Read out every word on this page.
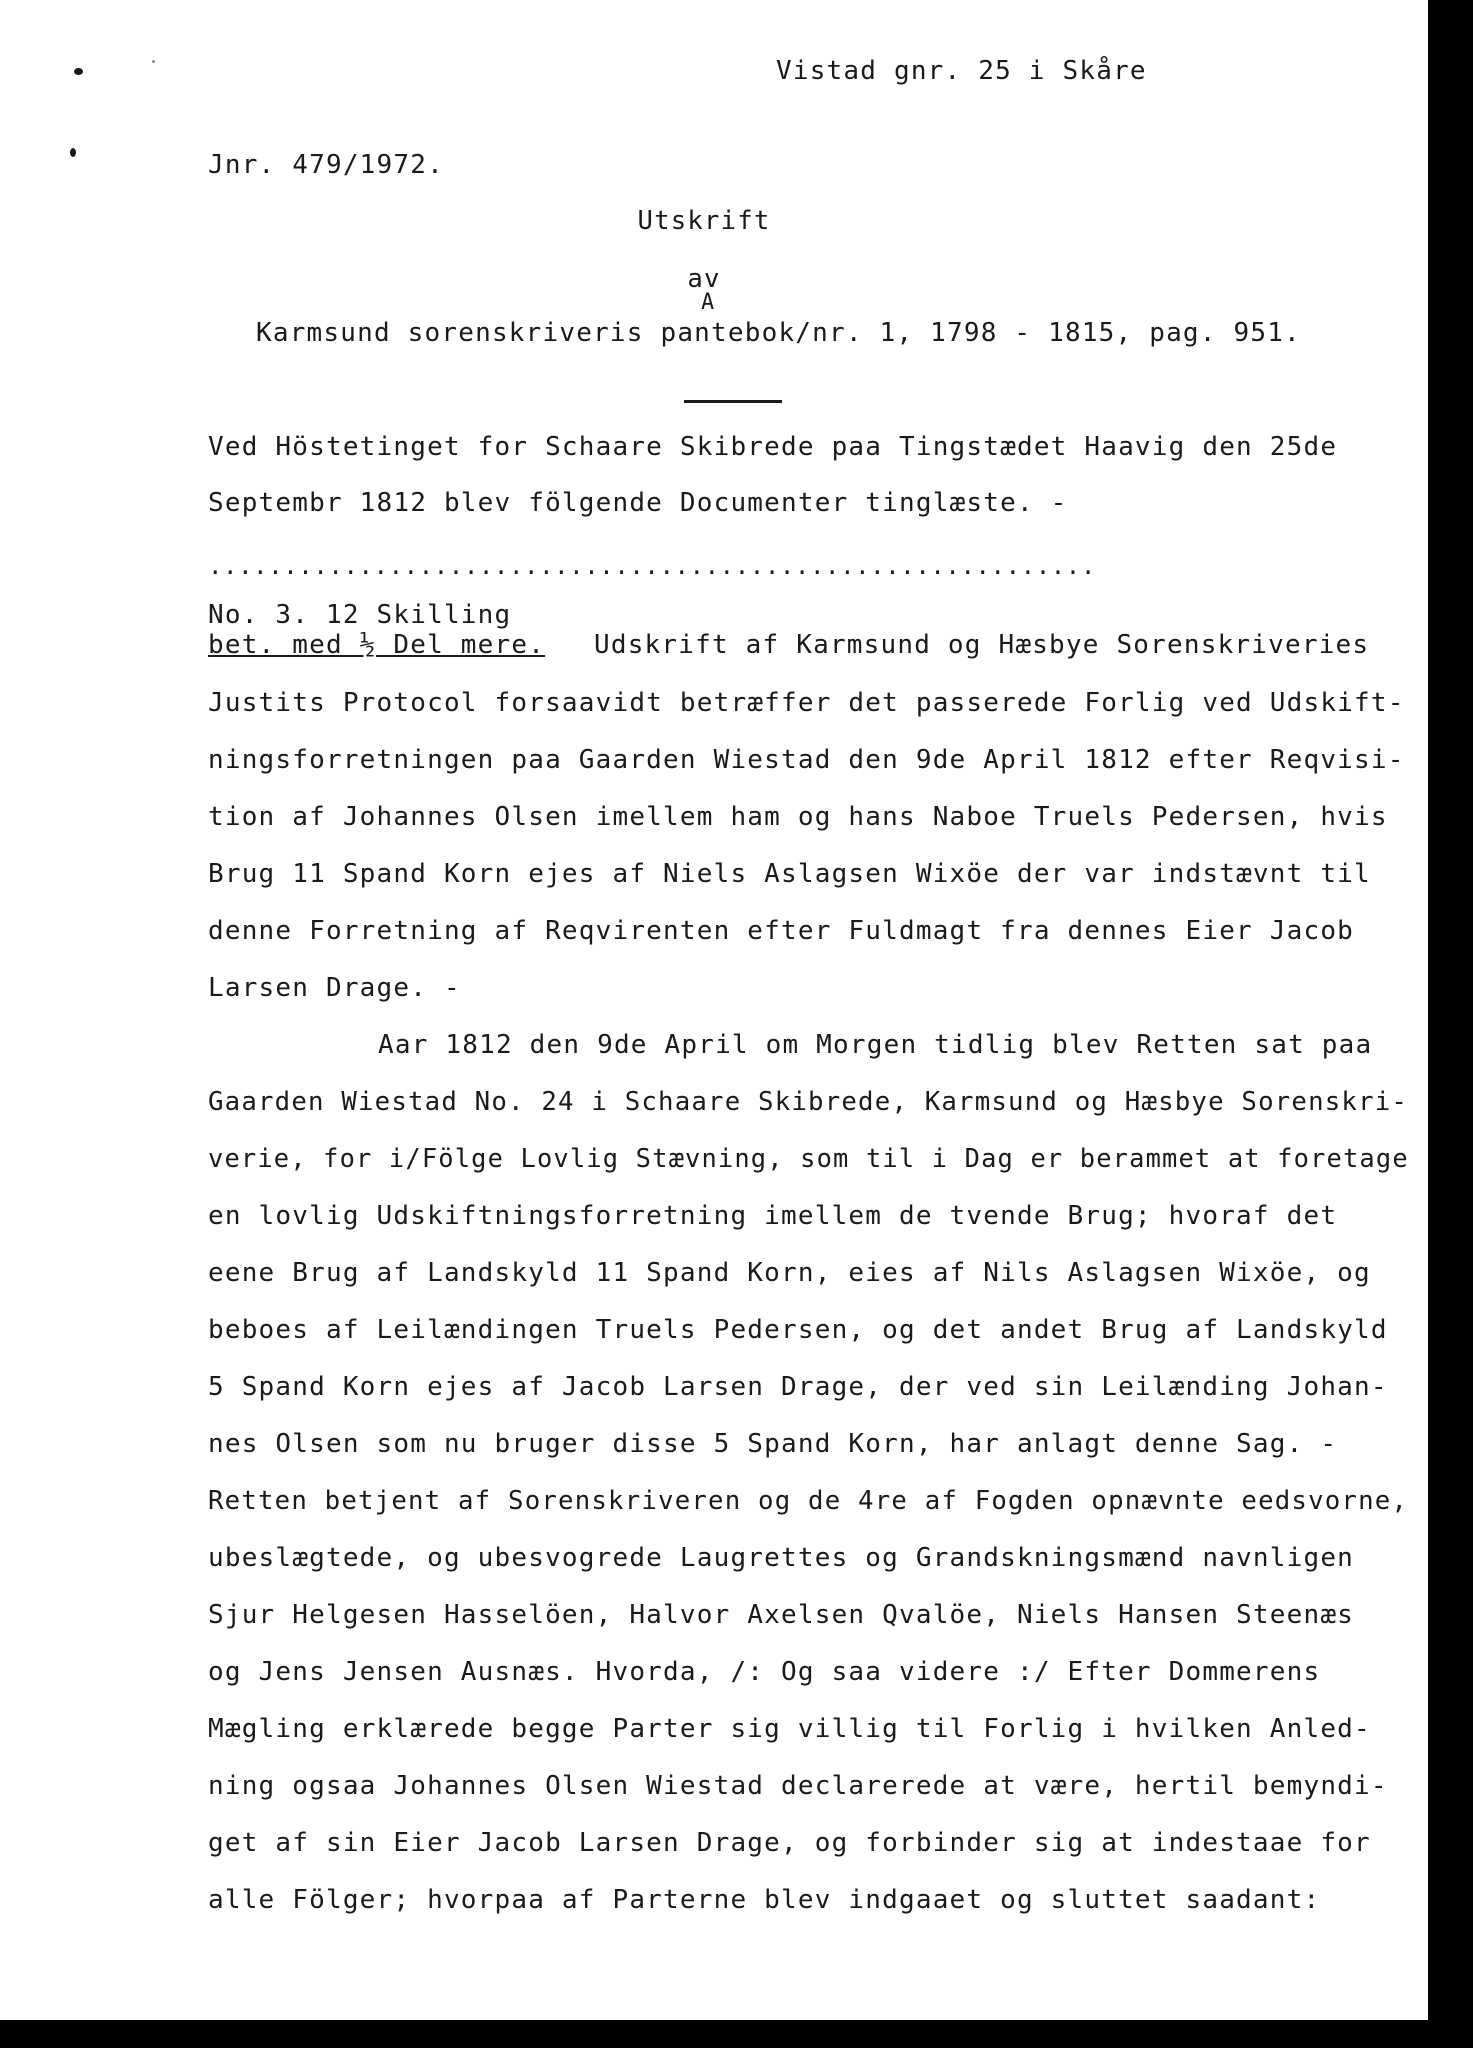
Vistad gnr. 25 i Skåre
Jnr. 479/1972.
Utskrift
av
A
Karmsund sorenskriveris pantebok/nr. 1, 1798 - 1815, pag. 951.
Ved Höstetinget for Schaare Skibrede paa Tingstædet Haavig den 25de
Septembr 1812 blev fölgende Documenter tinglæste. -
...........................................................
No. 3. 12 Skilling
bet. med ½ Del mere. Udskrift af Karmsund og Hæsbye Sorenskriveries
Justits Protocol forsaavidt betræffer det passerede Forlig ved Udskift-
ningsforretningen paa Gaarden Wiestad den 9de April 1812 efter Reqvisi-
tion af Johannes Olsen imellem ham og hans Naboe Truels Pedersen, hvis
Brug 11 Spand Korn ejes af Niels Aslagsen Wixöe der var indstævnt til
denne Forretning af Reqvirenten efter Fuldmagt fra dennes Eier Jacob
Larsen Drage. -
Aar 1812 den 9de April om Morgen tidlig blev Retten sat paa
Gaarden Wiestad No. 24 i Schaare Skibrede, Karmsund og Hæsbye Sorenskri-
verie, for i/Fölge Lovlig Stævning, som til i Dag er berammet at foretage
en lovlig Udskiftningsforretning imellem de tvende Brug; hvoraf det
eene Brug af Landskyld 11 Spand Korn, eies af Nils Aslagsen Wixöe, og
beboes af Leilændingen Truels Pedersen, og det andet Brug af Landskyld
5 Spand Korn ejes af Jacob Larsen Drage, der ved sin Leilænding Johan-
nes Olsen som nu bruger disse 5 Spand Korn, har anlagt denne Sag. -
Retten betjent af Sorenskriveren og de 4re af Fogden opnævnte eedsvorne,
ubeslægtede, og ubesvogrede Laugrettes og Grandskningsmænd navnligen
Sjur Helgesen Hasselöen, Halvor Axelsen Qvalöe, Niels Hansen Steenæs
og Jens Jensen Ausnæs. Hvorda, /: Og saa videre :/ Efter Dommerens
Mægling erklærede begge Parter sig villig til Forlig i hvilken Anled-
ning ogsaa Johannes Olsen Wiestad declarerede at være, hertil bemyndi-
get af sin Eier Jacob Larsen Drage, og forbinder sig at indestaae for
alle Fölger; hvorpaa af Parterne blev indgaaet og sluttet saadant:
